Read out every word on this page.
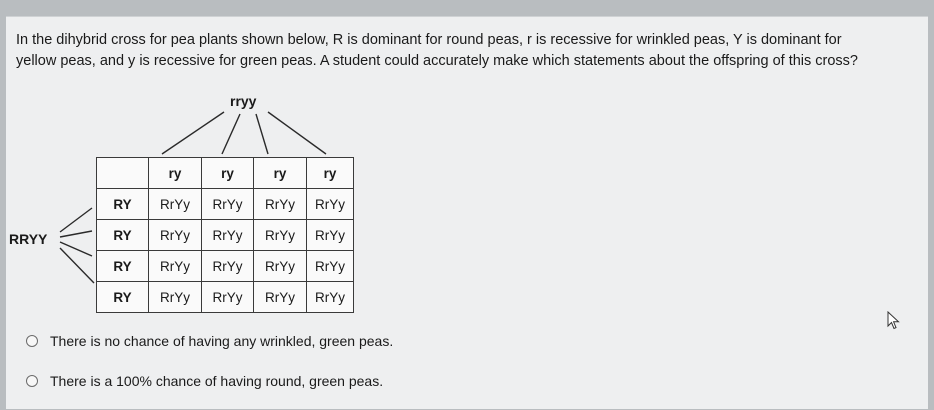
In the dihybrid cross for pea plants shown below, R is dominant for round peas, r is recessive for wrinkled peas, Y is dominant for

yellow peas, and y is recessive for green peas. A student could accurately make which statements about the offspring of this cross?

rryy
RRYY
	ry	ry	ry	ry
RY	RrYy	RrYy	RrYy	RrYy
RY	RrYy	RrYy	RrYy	RrYy
RY	RrYy	RrYy	RrYy	RrYy
RY	RrYy	RrYy	RrYy	RrYy
There is no chance of having any wrinkled, green peas.
There is a 100% chance of having round, green peas.
